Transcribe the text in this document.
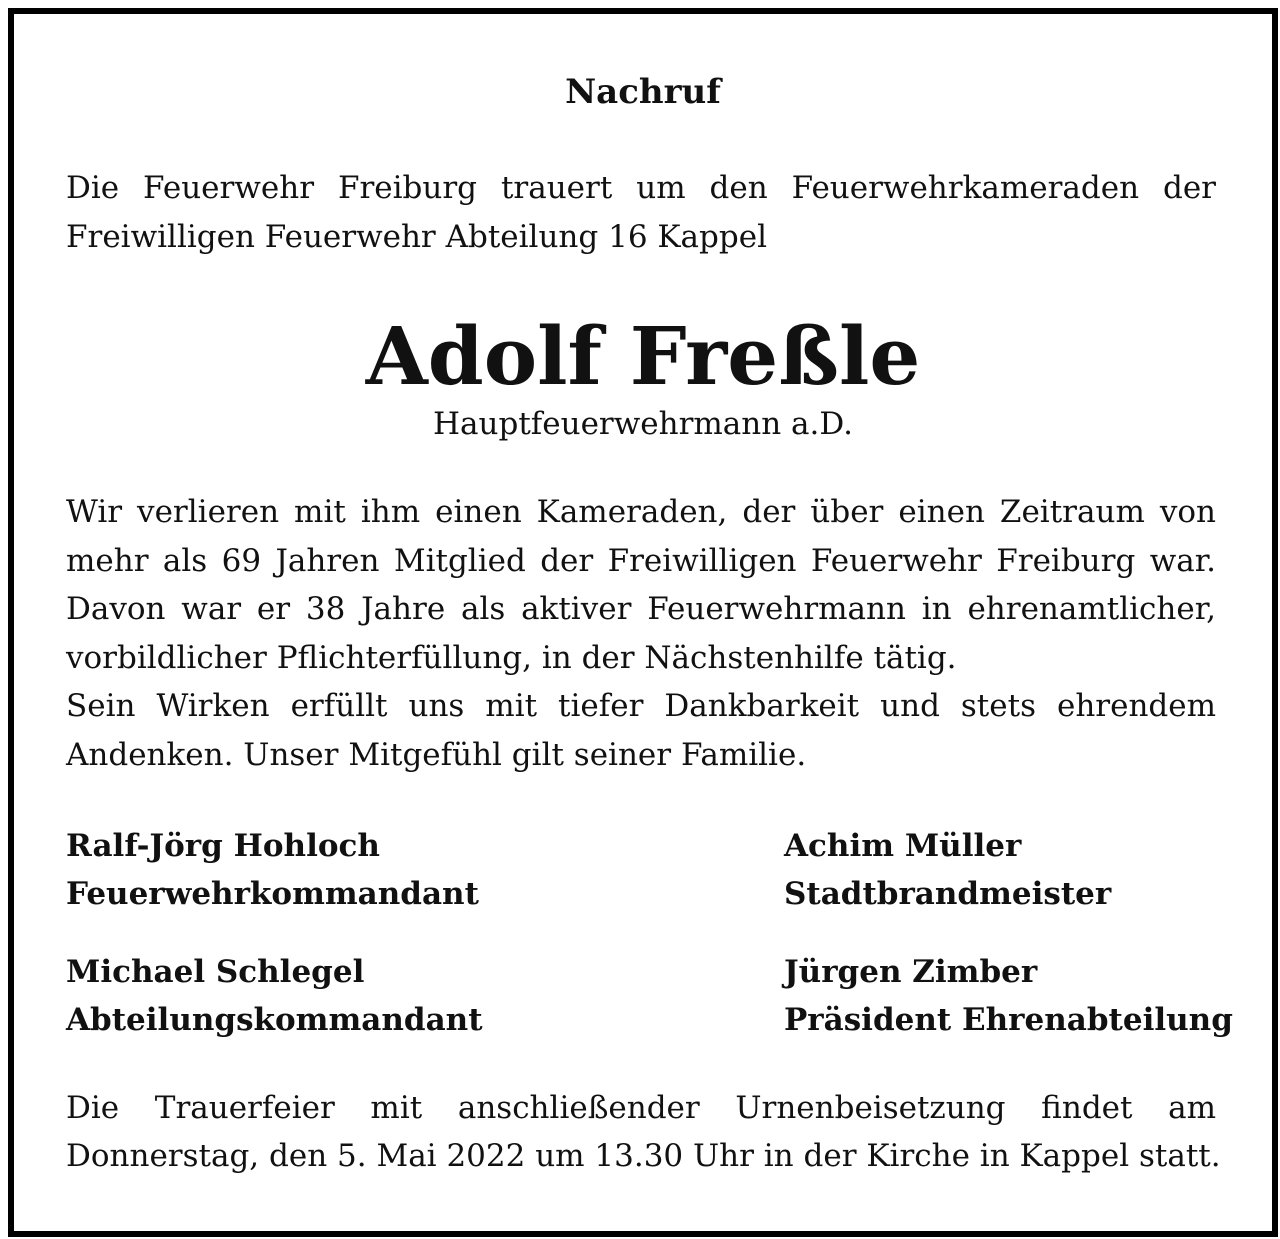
Nachruf

Die Feuerwehr Freiburg trauert um den Feuerwehrkameraden der
Freiwilligen Feuerwehr Abteilung 16 Kappel

Adolf Freßle

Hauptfeuerwehrmann a.D.

Wir verlieren mit ihm einen Kameraden, der über einen Zeitraum von
mehr als 69 Jahren Mitglied der Freiwilligen Feuerwehr Freiburg war.
Davon war er 38 Jahre als aktiver Feuerwehrmann in ehrenamtlicher,
vorbildlicher Pflichterfüllung, in der Nächstenhilfe tätig.
Sein Wirken erfüllt uns mit tiefer Dankbarkeit und stets ehrendem
Andenken. Unser Mitgefühl gilt seiner Familie.

Ralf-Jörg Hohloch
Feuerwehrkommandant
Achim Müller
Stadtbrandmeister
Michael Schlegel
Abteilungskommandant
Jürgen Zimber
Präsident Ehrenabteilung

Die Trauerfeier mit anschließender Urnenbeisetzung findet am
Donnerstag, den 5. Mai 2022 um 13.30 Uhr in der Kirche in Kappel statt.
